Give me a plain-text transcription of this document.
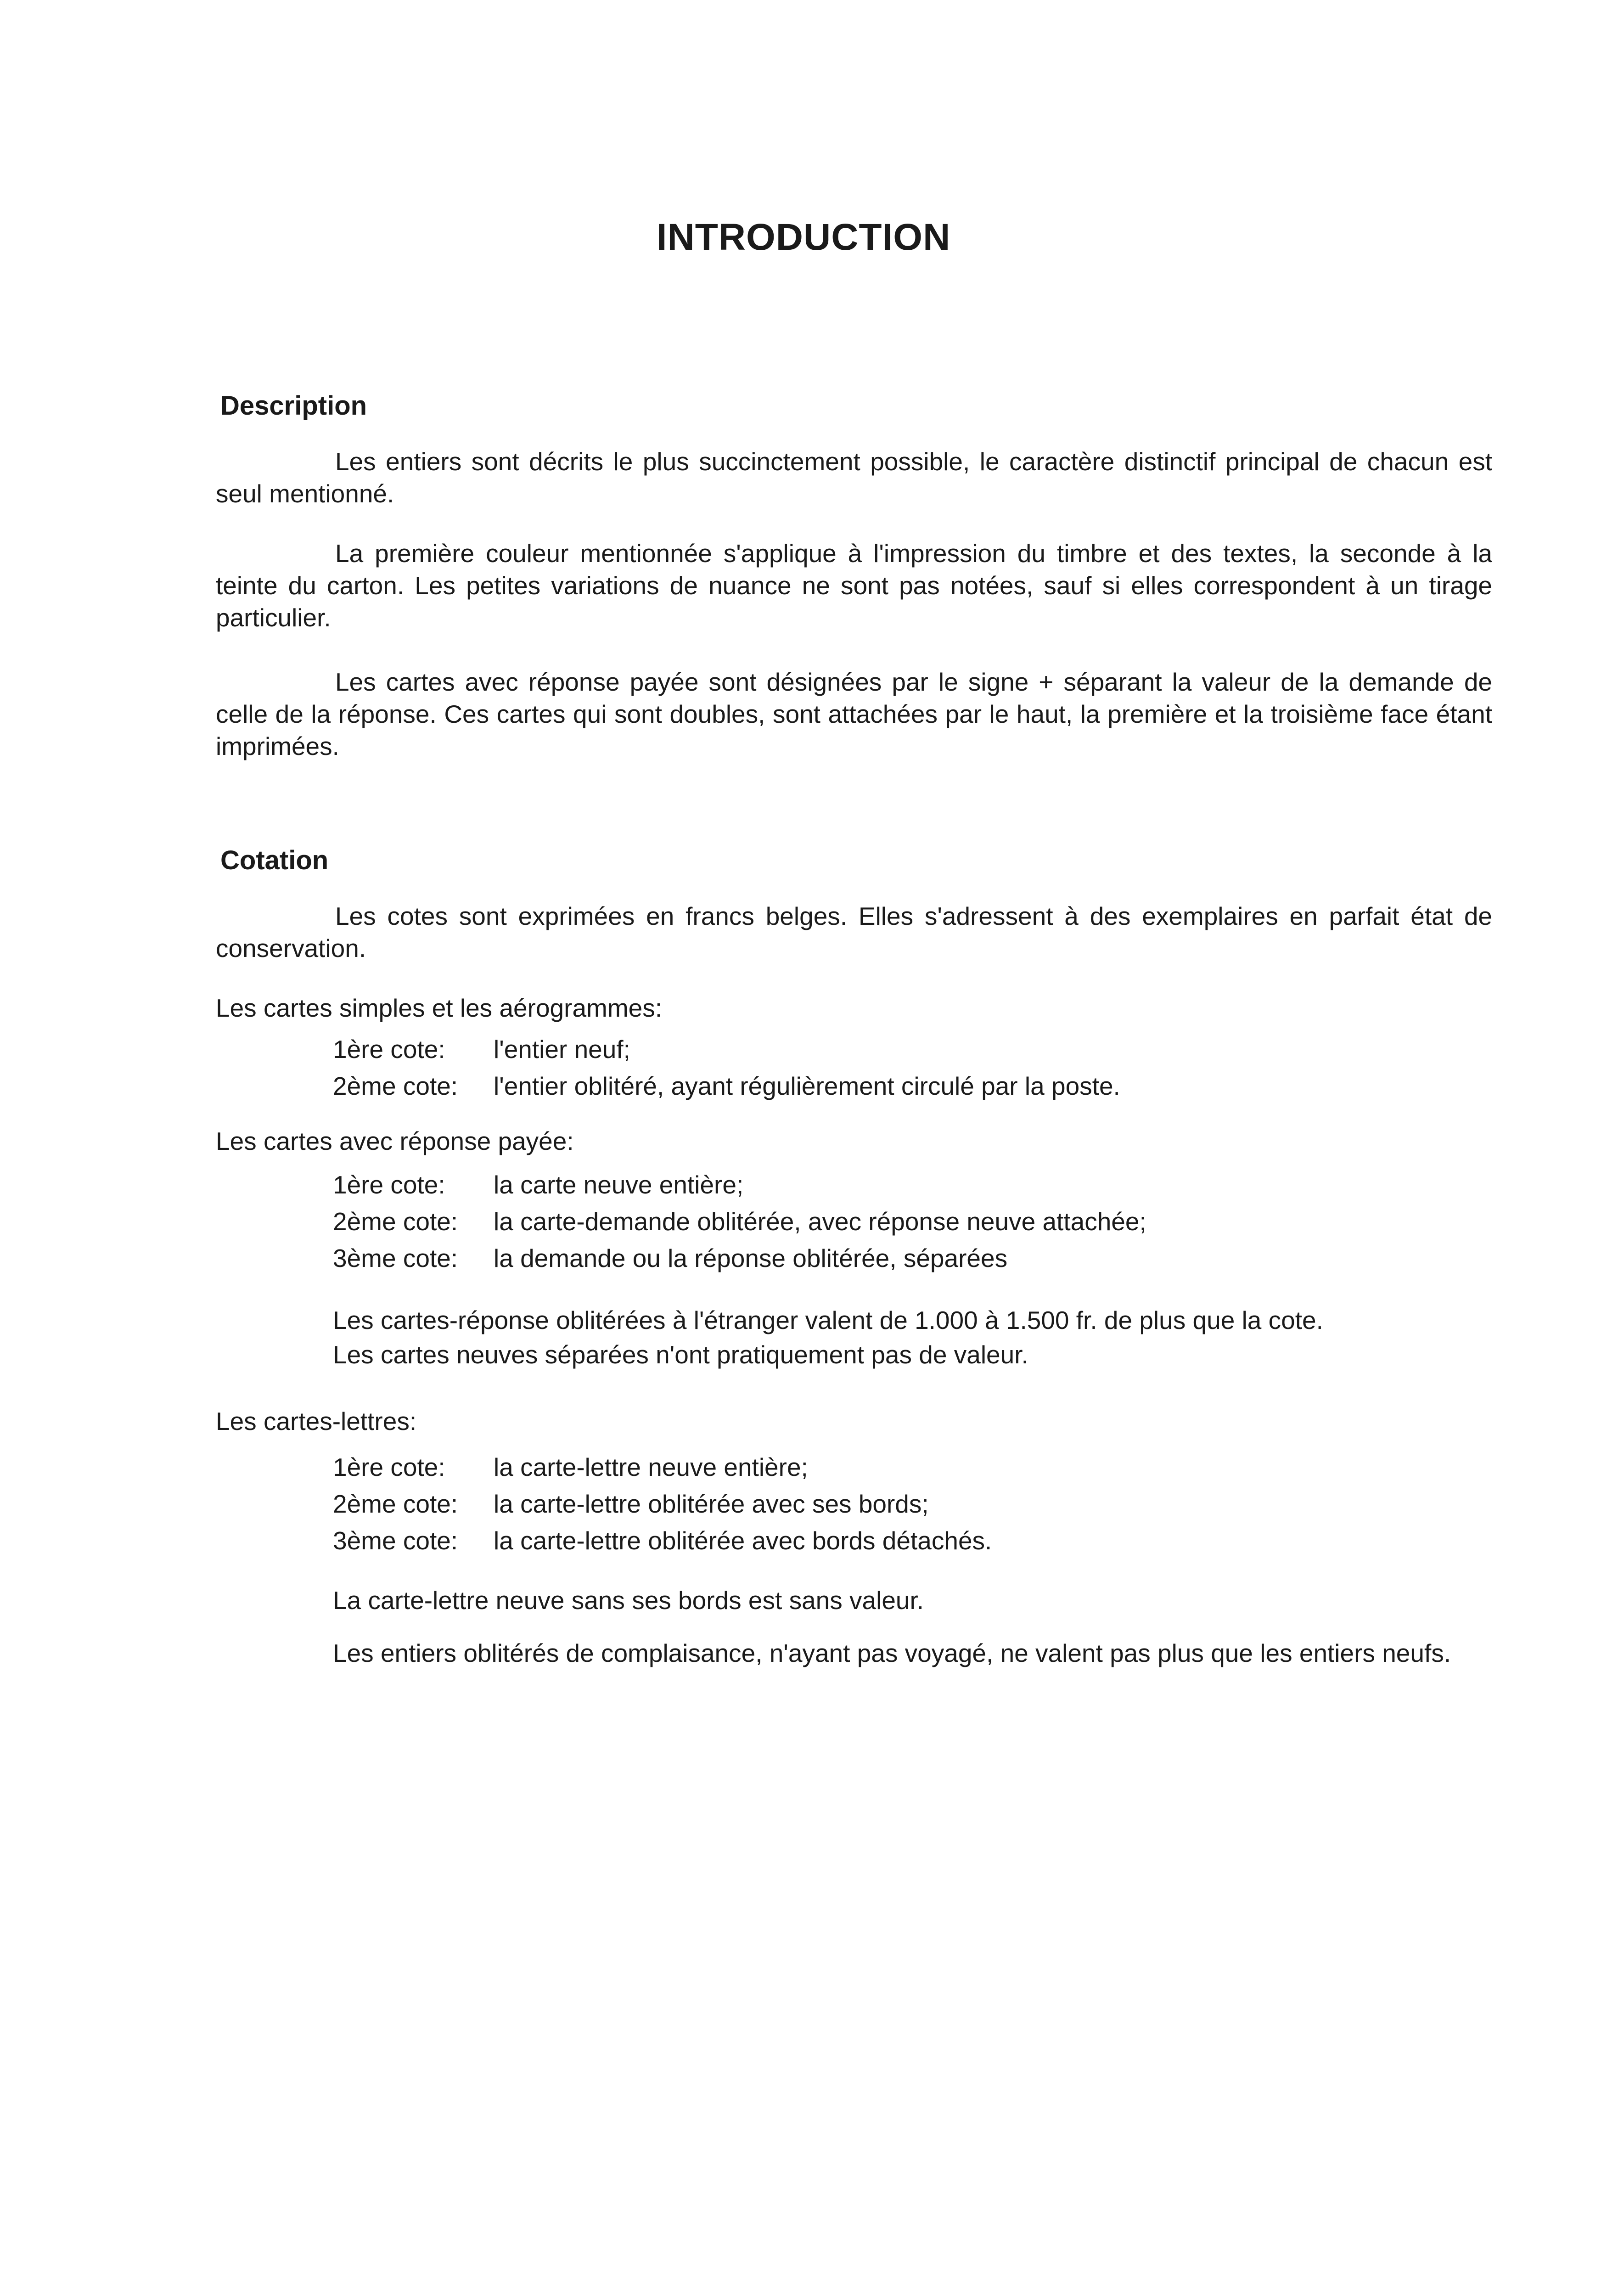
INTRODUCTION
Description

Les entiers sont décrits le plus succinctement possible, le caractère distinctif principal de chacun est seul mentionné.

La première couleur mentionnée s'applique à l'impression du timbre et des textes, la seconde à la teinte du carton. Les petites variations de nuance ne sont pas notées, sauf si elles correspondent à un tirage particulier.

Les cartes avec réponse payée sont désignées par le signe + séparant la valeur de la demande de celle de la réponse. Ces cartes qui sont doubles, sont attachées par le haut, la première et la troisième face étant imprimées.

Cotation

Les cotes sont exprimées en francs belges. Elles s'adressent à des exemplaires en parfait état de conservation.

Les cartes simples et les aérogrammes:
1ère cote: l'entier neuf;
2ème cote: l'entier oblitéré, ayant régulièrement circulé par la poste.
Les cartes avec réponse payée:
1ère cote: la carte neuve entière;
2ème cote: la carte-demande oblitérée, avec réponse neuve attachée;
3ème cote: la demande ou la réponse oblitérée, séparées
Les cartes-réponse oblitérées à l'étranger valent de 1.000 à 1.500 fr. de plus que la cote.
Les cartes neuves séparées n'ont pratiquement pas de valeur.
Les cartes-lettres:
1ère cote: la carte-lettre neuve entière;
2ème cote: la carte-lettre oblitérée avec ses bords;
3ème cote: la carte-lettre oblitérée avec bords détachés.
La carte-lettre neuve sans ses bords est sans valeur.

Les entiers oblitérés de complaisance, n'ayant pas voyagé, ne valent pas plus que les entiers neufs.
